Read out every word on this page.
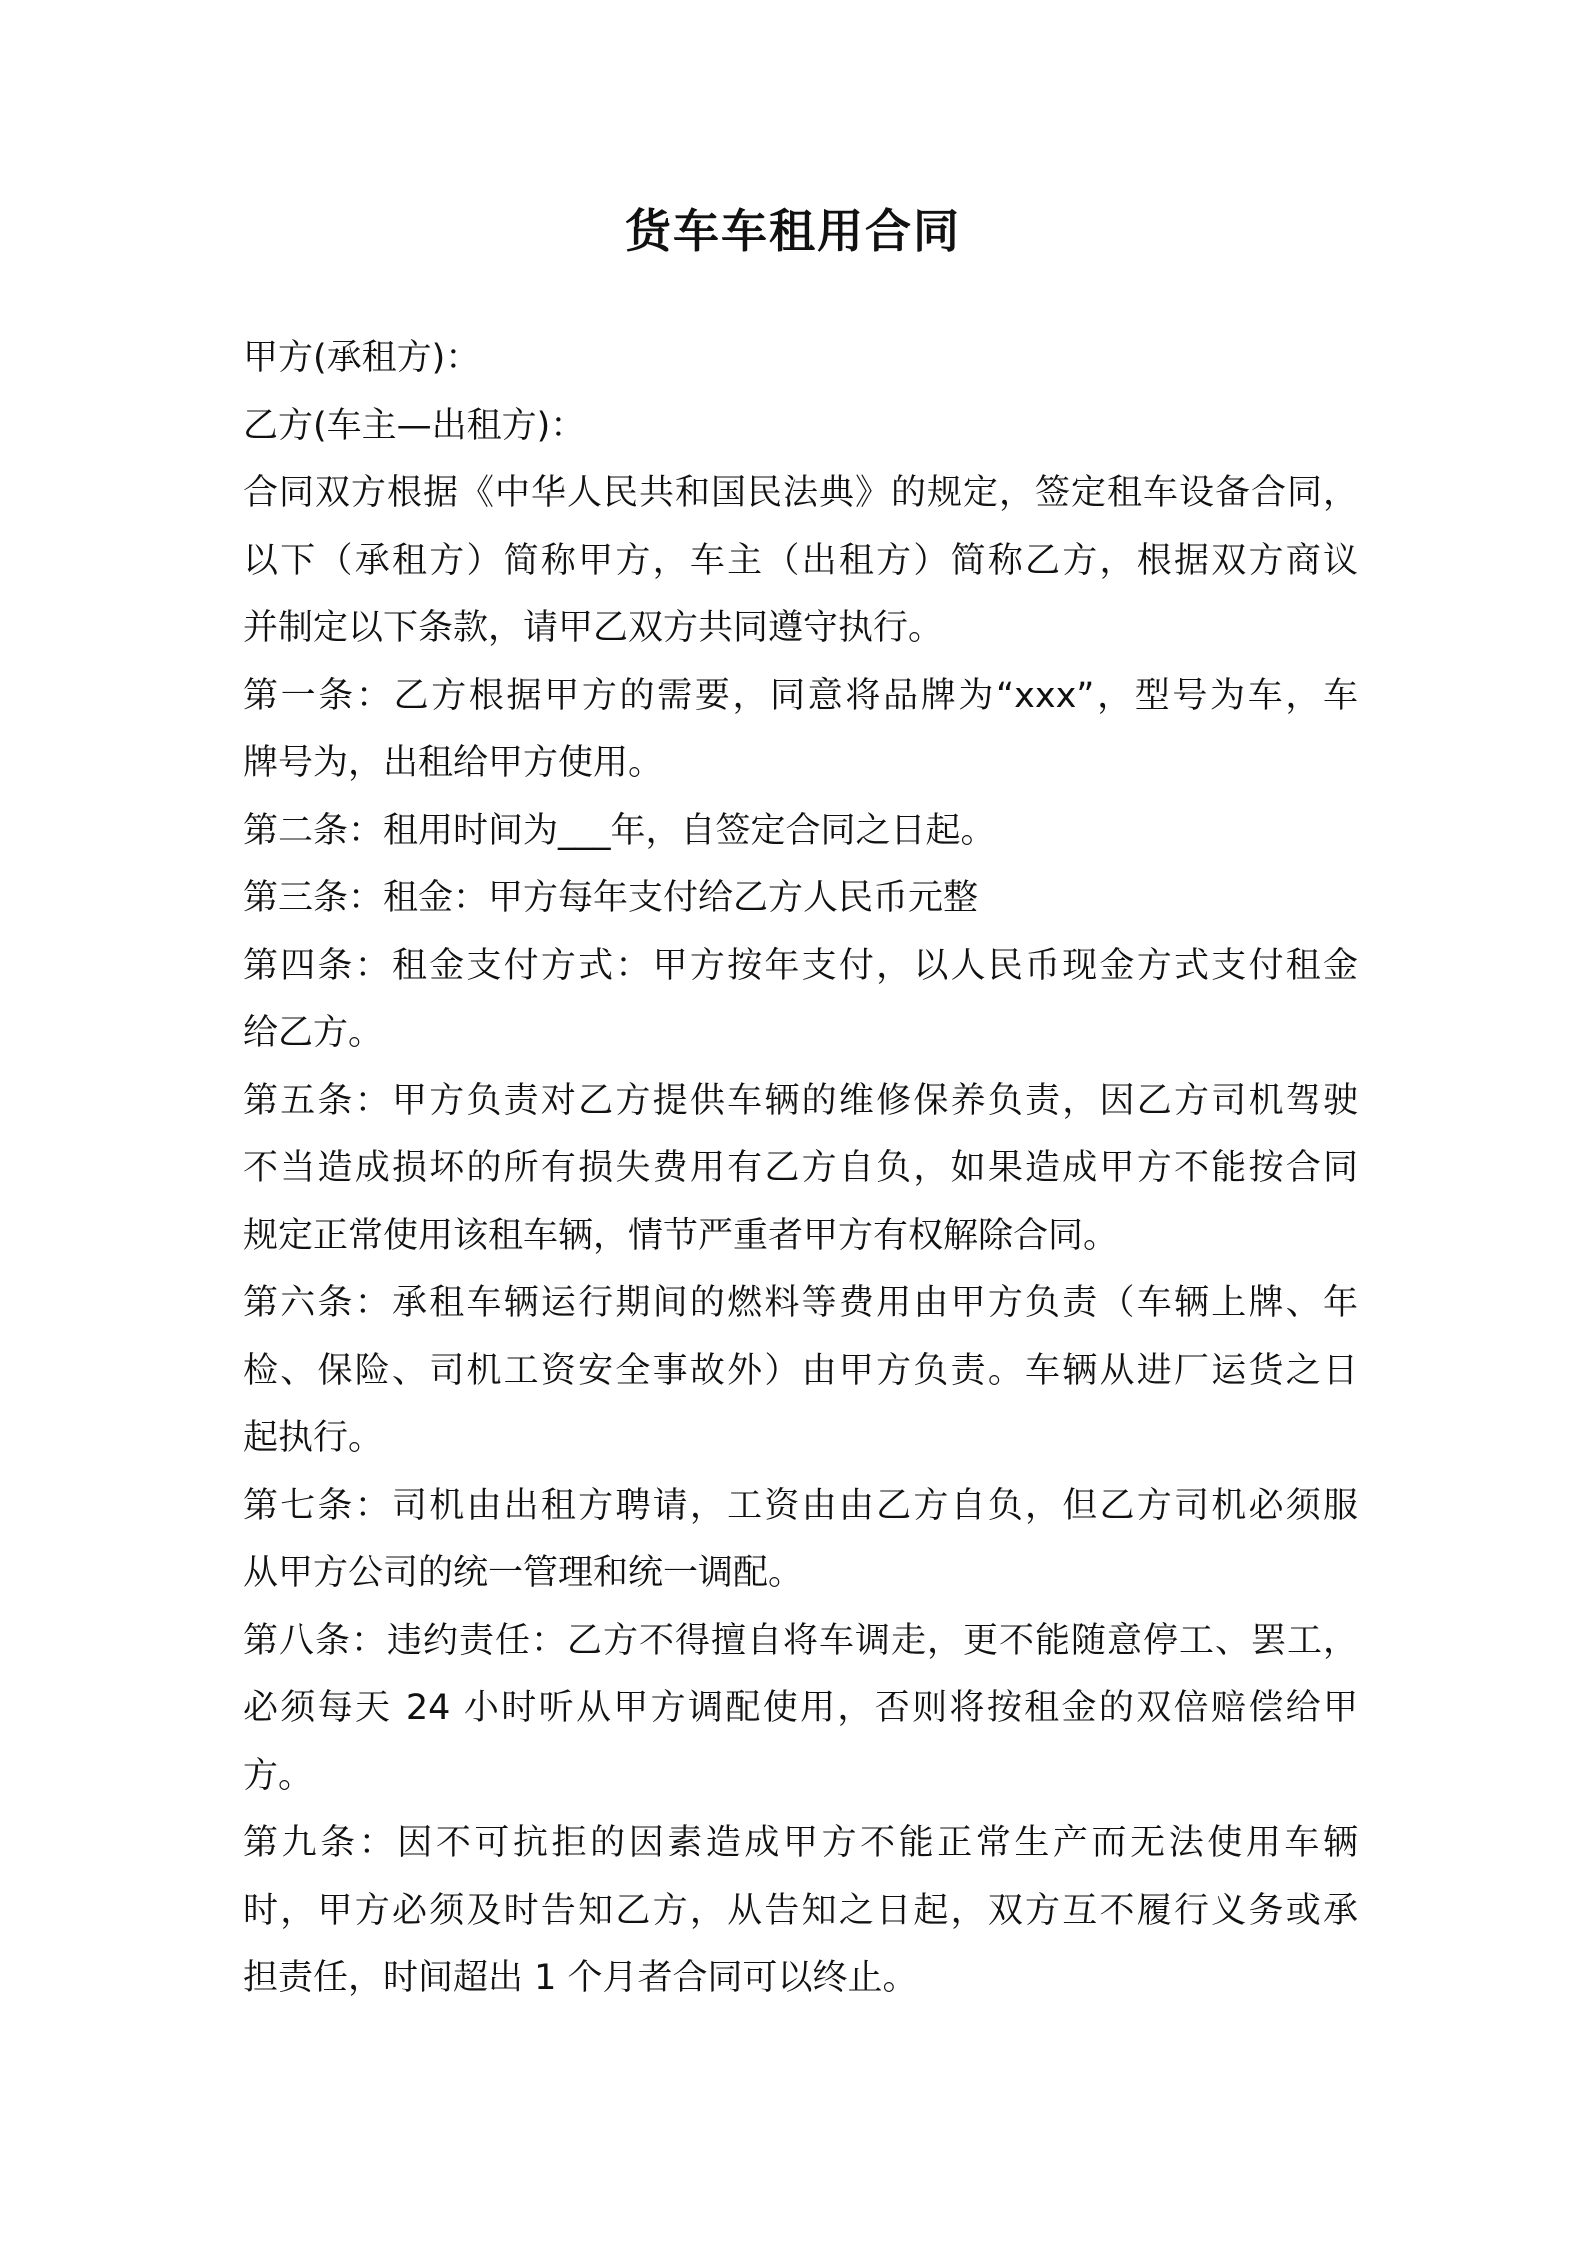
货车车租用合同
甲方(承租方)：
乙方(车主—出租方)：
合同双方根据《中华人民共和国民法典》的规定，签定租车设备合同，
以下（承租方）简称甲方，车主（出租方）简称乙方，根据双方商议
并制定以下条款，请甲乙双方共同遵守执行。
第一条：乙方根据甲方的需要，同意将品牌为“xxx”，型号为车，车
牌号为，出租给甲方使用。
第二条：租用时间为___年，自签定合同之日起。
第三条：租金：甲方每年支付给乙方人民币元整
第四条：租金支付方式：甲方按年支付，以人民币现金方式支付租金
给乙方。
第五条：甲方负责对乙方提供车辆的维修保养负责，因乙方司机驾驶
不当造成损坏的所有损失费用有乙方自负，如果造成甲方不能按合同
规定正常使用该租车辆，情节严重者甲方有权解除合同。
第六条：承租车辆运行期间的燃料等费用由甲方负责（车辆上牌、年
检、保险、司机工资安全事故外）由甲方负责。车辆从进厂运货之日
起执行。
第七条：司机由出租方聘请，工资由由乙方自负，但乙方司机必须服
从甲方公司的统一管理和统一调配。
第八条：违约责任：乙方不得擅自将车调走，更不能随意停工、罢工，
必须每天 24 小时听从甲方调配使用，否则将按租金的双倍赔偿给甲
方。
第九条：因不可抗拒的因素造成甲方不能正常生产而无法使用车辆
时，甲方必须及时告知乙方，从告知之日起，双方互不履行义务或承
担责任，时间超出 1 个月者合同可以终止。
